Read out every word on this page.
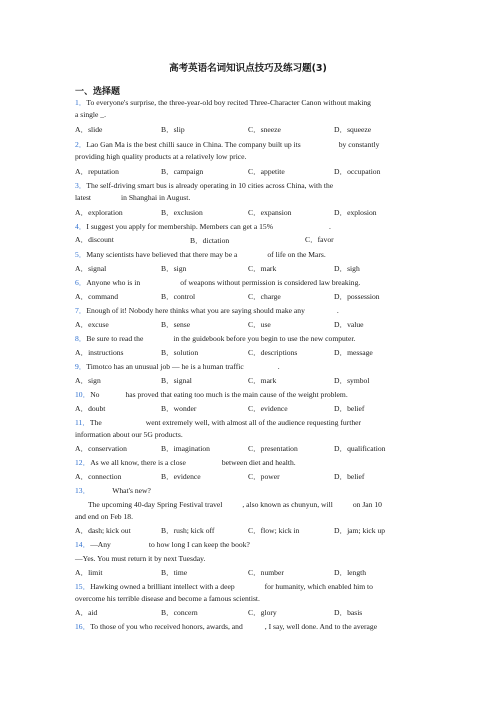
高考英语名词知识点技巧及练习题(3)
一、选择题
1．To everyone's surprise, the three-year-old boy recited Three-Character Canon without making
a single _.
A．slide	B．slip	C．sneeze	D．squeeze
2．Lao Gan Ma is the best chilli sauce in China. The company built up its	by constantly
providing high quality products at a relatively low price.
A．reputation	B．campaign	C．appetite	D．occupation
3．The self-driving smart bus is already operating in 10 cities across China, with the
latest	in Shanghai in August.
A．exploration	B．exclusion	C．expansion	D．explosion
4．I suggest you apply for membership. Members can get a 15%	.
A．discount	B．dictation	C．favor
5．Many scientists have believed that there may be a	of life on the Mars.
A．signal	B．sign	C．mark	D．sigh
6．Anyone who is in	of weapons without permission is considered law breaking.
A．command	B．control	C．charge	D．possession
7．Enough of it! Nobody here thinks what you are saying should make any	.
A．excuse	B．sense	C．use	D．value
8．Be sure to read the	in the guidebook before you begin to use the new computer.
A．instructions	B．solution	C．descriptions	D．message
9．Timotco has an unusual job — he is a human traffic	.
A．sign	B．signal	C．mark	D．symbol
10．No	has proved that eating too much is the main cause of the weight problem.
A．doubt	B．wonder	C．evidence	D．belief
11．The	went extremely well, with almost all of the audience requesting further
information about our 5G products.
A．conservation	B．imagination	C．presentation	D．qualification
12．As we all know, there is a close	between diet and health.
A．connection	B．evidence	C．power	D．belief
13．	What's new?
The upcoming 40-day Spring Festival travel	, also known as chunyun, will	on Jan 10
and end on Feb 18.
A．dash; kick out	B．rush; kick off	C．flow; kick in	D．jam; kick up
14．—Any	to how long I can keep the book?
—Yes. You must return it by next Tuesday.
A．limit	B．time	C．number	D．length
15．Hawking owned a brilliant intellect with a deep	for humanity, which enabled him to
overcome his terrible disease and become a famous scientist.
A．aid	B．concern	C．glory	D．basis
16．To those of you who received honors, awards, and	, I say, well done. And to the average
